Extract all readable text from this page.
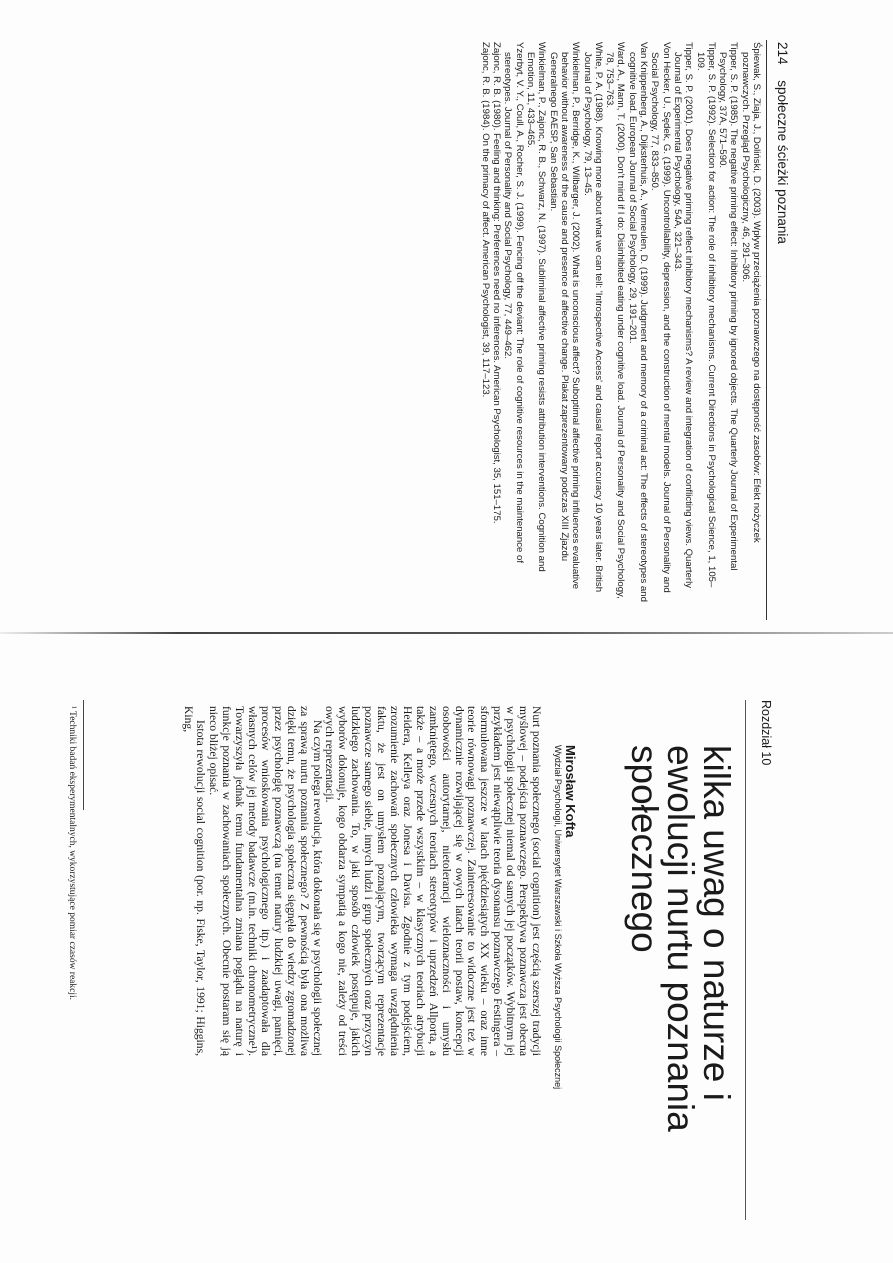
214 społeczne ścieżki poznania

Śpiewak, S., Ziaja, J., Doliński, D. (2003). Wpływ przeciążenia poznawczego na dostępność zasobów: Efekt nożyczek poznawczych. Przegląd Psychologiczny, 46, 291–306.

Tipper, S. P. (1985). The negative priming effect: Inhibitory priming by ignored objects. The Quarterly Journal of Experimental Psychology, 37A, 571–590.

Tipper, S. P. (1992). Selection for action: The role of inhibitory mechanisms. Current Directions in Psychological Science, 1, 105–109.

Tipper, S. P. (2001). Does negative priming reflect inhibitory mechanisms? A review and integration of conflicting views. Quarterly Journal of Experimental Psychology, 54A, 321–343.

Von Hecker, U., Sędek, G. (1999). Uncontrollability, depression, and the construction of mental models. Journal of Personality and Social Psychology, 77, 833–850.

Van Knippenberg, A., Dijksterhuis, A., Vermeulen, D. (1999). Judgment and memory of a criminal act: The effects of stereotypes and cognitive load. European Journal of Social Psychology, 29, 191–201.

Ward, A., Mann, T. (2000). Don't mind if I do: Disinhibited eating under cognitive load. Journal of Personality and Social Psychology, 78, 753–763.

White, P. A. (1988). Knowing more about what we can tell: 'Introspective Access' and causal report accuracy 10 years later. British Journal of Psychology, 79, 13–45.

Winkielman, P., Berridge, K., Wilbarger, J. (2002). What is unconscious affect? Suboptimal affective priming influences evaluative behavior without awareness of the cause and presence of affective change. Plakat zaprezentowany podczas XIII Zjazdu Generalnego EAESP, San Sebastian.

Winkielman, P., Zajonc, R. B., Schwarz, N. (1997). Subliminal affective priming resists attribution interventions. Cognition and Emotion, 11, 433–465.

Yzerbyt, V. Y., Coull, A., Rocher, S. J. (1999). Fencing off the deviant: The role of cognitive resources in the maintenance of stereotypes. Journal of Personality and Social Psychology, 77, 449–462.

Zajonc, R. B. (1980). Feeling and thinking: Preferences need no inferences. American Psychologist, 35, 151–175.

Zajonc, R. B. (1984). On the primacy of affect. American Psychologist, 39, 117–123.

Rozdział 10
kilka uwag o naturze i ewolucji nurtu poznania społecznego
Mirosław Kofta
Wydział Psychologii, Uniwersytet Warszawski i Szkoła Wyższa Psychologii Społecznej

Nurt poznania społecznego (social cognition) jest częścią szerszej tradycji myślowej – podejścia poznawczego. Perspektywa poznawcza jest obecna w psychologii społecznej niemal od samych jej początków. Wybitnym jej przykładem jest niewątpliwie teoria dysonansu poznawczego Festingera – sformułowana jeszcze w latach pięćdziesiątych XX wieku – oraz inne teorie równowagi poznawczej. Zainteresowanie to widoczne jest też w dynamicznie rozwijającej się w owych latach teorii postaw, koncepcji osobowości autorytarnej, nietolerancji wieloznaczności i umysłu zamkniętego, wczesnych teoriach stereotypów i uprzedzeń Allporta, a także – a może przede wszystkim – w klasycznych teoriach atrybucji Heidera, Kelleya oraz Jonesa i Davisa. Zgodnie z tym podejściem, zrozumienie zachowań społecznych człowieka wymaga uwzględnienia faktu, że jest on umysłem poznającym, tworzącym reprezentacje poznawcze samego siebie, innych ludzi i grup społecznych oraz przyczyn ludzkiego zachowania. To, w jaki sposób człowiek postępuje, jakich wyborów dokonuje, kogo obdarza sympatią a kogo nie, zależy od treści owych reprezentacji.

Na czym polega rewolucja, która dokonała się w psychologii społecznej za sprawą nurtu poznania społecznego? Z pewnością była ona możliwa dzięki temu, że psychologia społeczna sięgnęła do wiedzy zgromadzonej przez psychologię poznawczą (na temat natury ludzkiej uwagi, pamięci, procesów wnioskowania psychologicznego itp.) i zaadaptowała dla własnych celów jej metody badawcze (m.in. techniki chronometryczne¹). Towarzyszyła jednak temu fundamentalna zmiana poglądu na naturę i funkcje poznania w zachowaniach społecznych. Obecnie postaram się ją nieco bliżej opisać.

Istota rewolucji social cognition (por. np. Fiske, Taylor, 1991; Higgins, King,

¹ Techniki badań eksperymentalnych, wykorzystujące pomiar czasów reakcji.
